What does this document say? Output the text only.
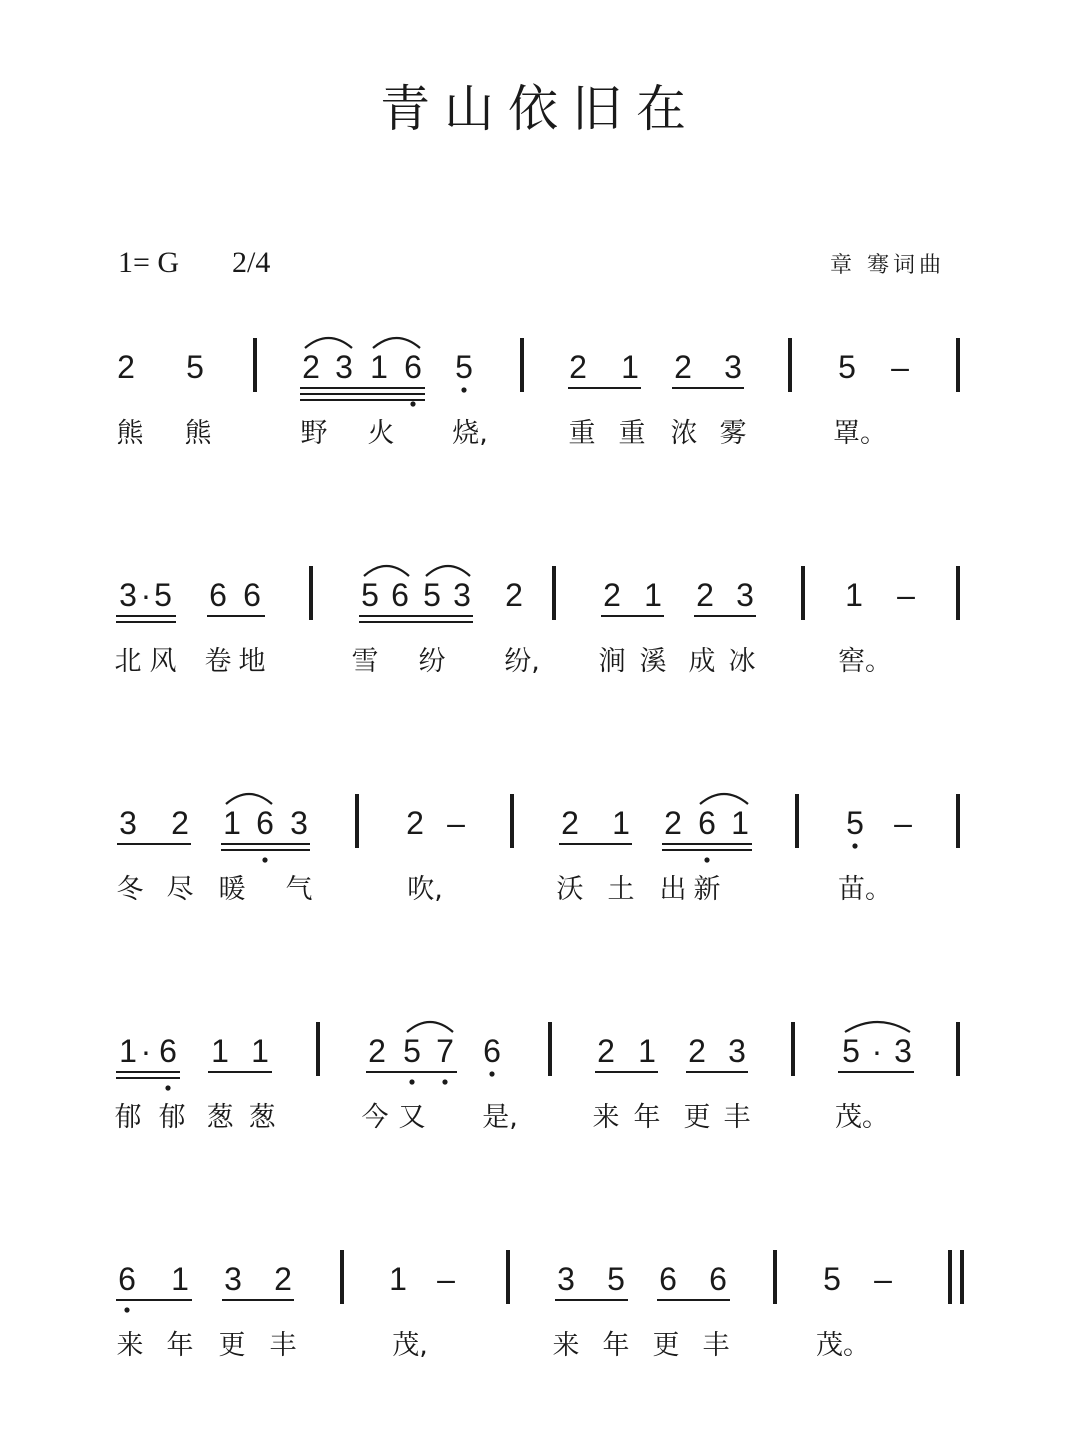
青山依旧在
1= G 2/4	章 骞词曲
2 5	2 3 1 6 5	2 1 2 3	5 –
熊 熊	野 火 烧,	重 重 浓 雾	罩。
3 · 5 6 6	5 6 5 3 2	2 1 2 3	1 –
北 风 卷 地	雪 纷 纷, 涧 溪 成 冰	窖。
3 2 1 6 3	2 –	2 1 2 6 1	5 –
冬 尽 暖 气	吹,	沃 土 出 新	苗。
1 · 6 1 1	2 5 7 6	2 1 2 3	5 · 3
郁 郁 葱 葱	今 又 是,	来 年 更 丰	茂。
6 1 3 2	1 –	3 5 6 6	5 –
来 年 更 丰	茂,	来 年 更 丰	茂。
